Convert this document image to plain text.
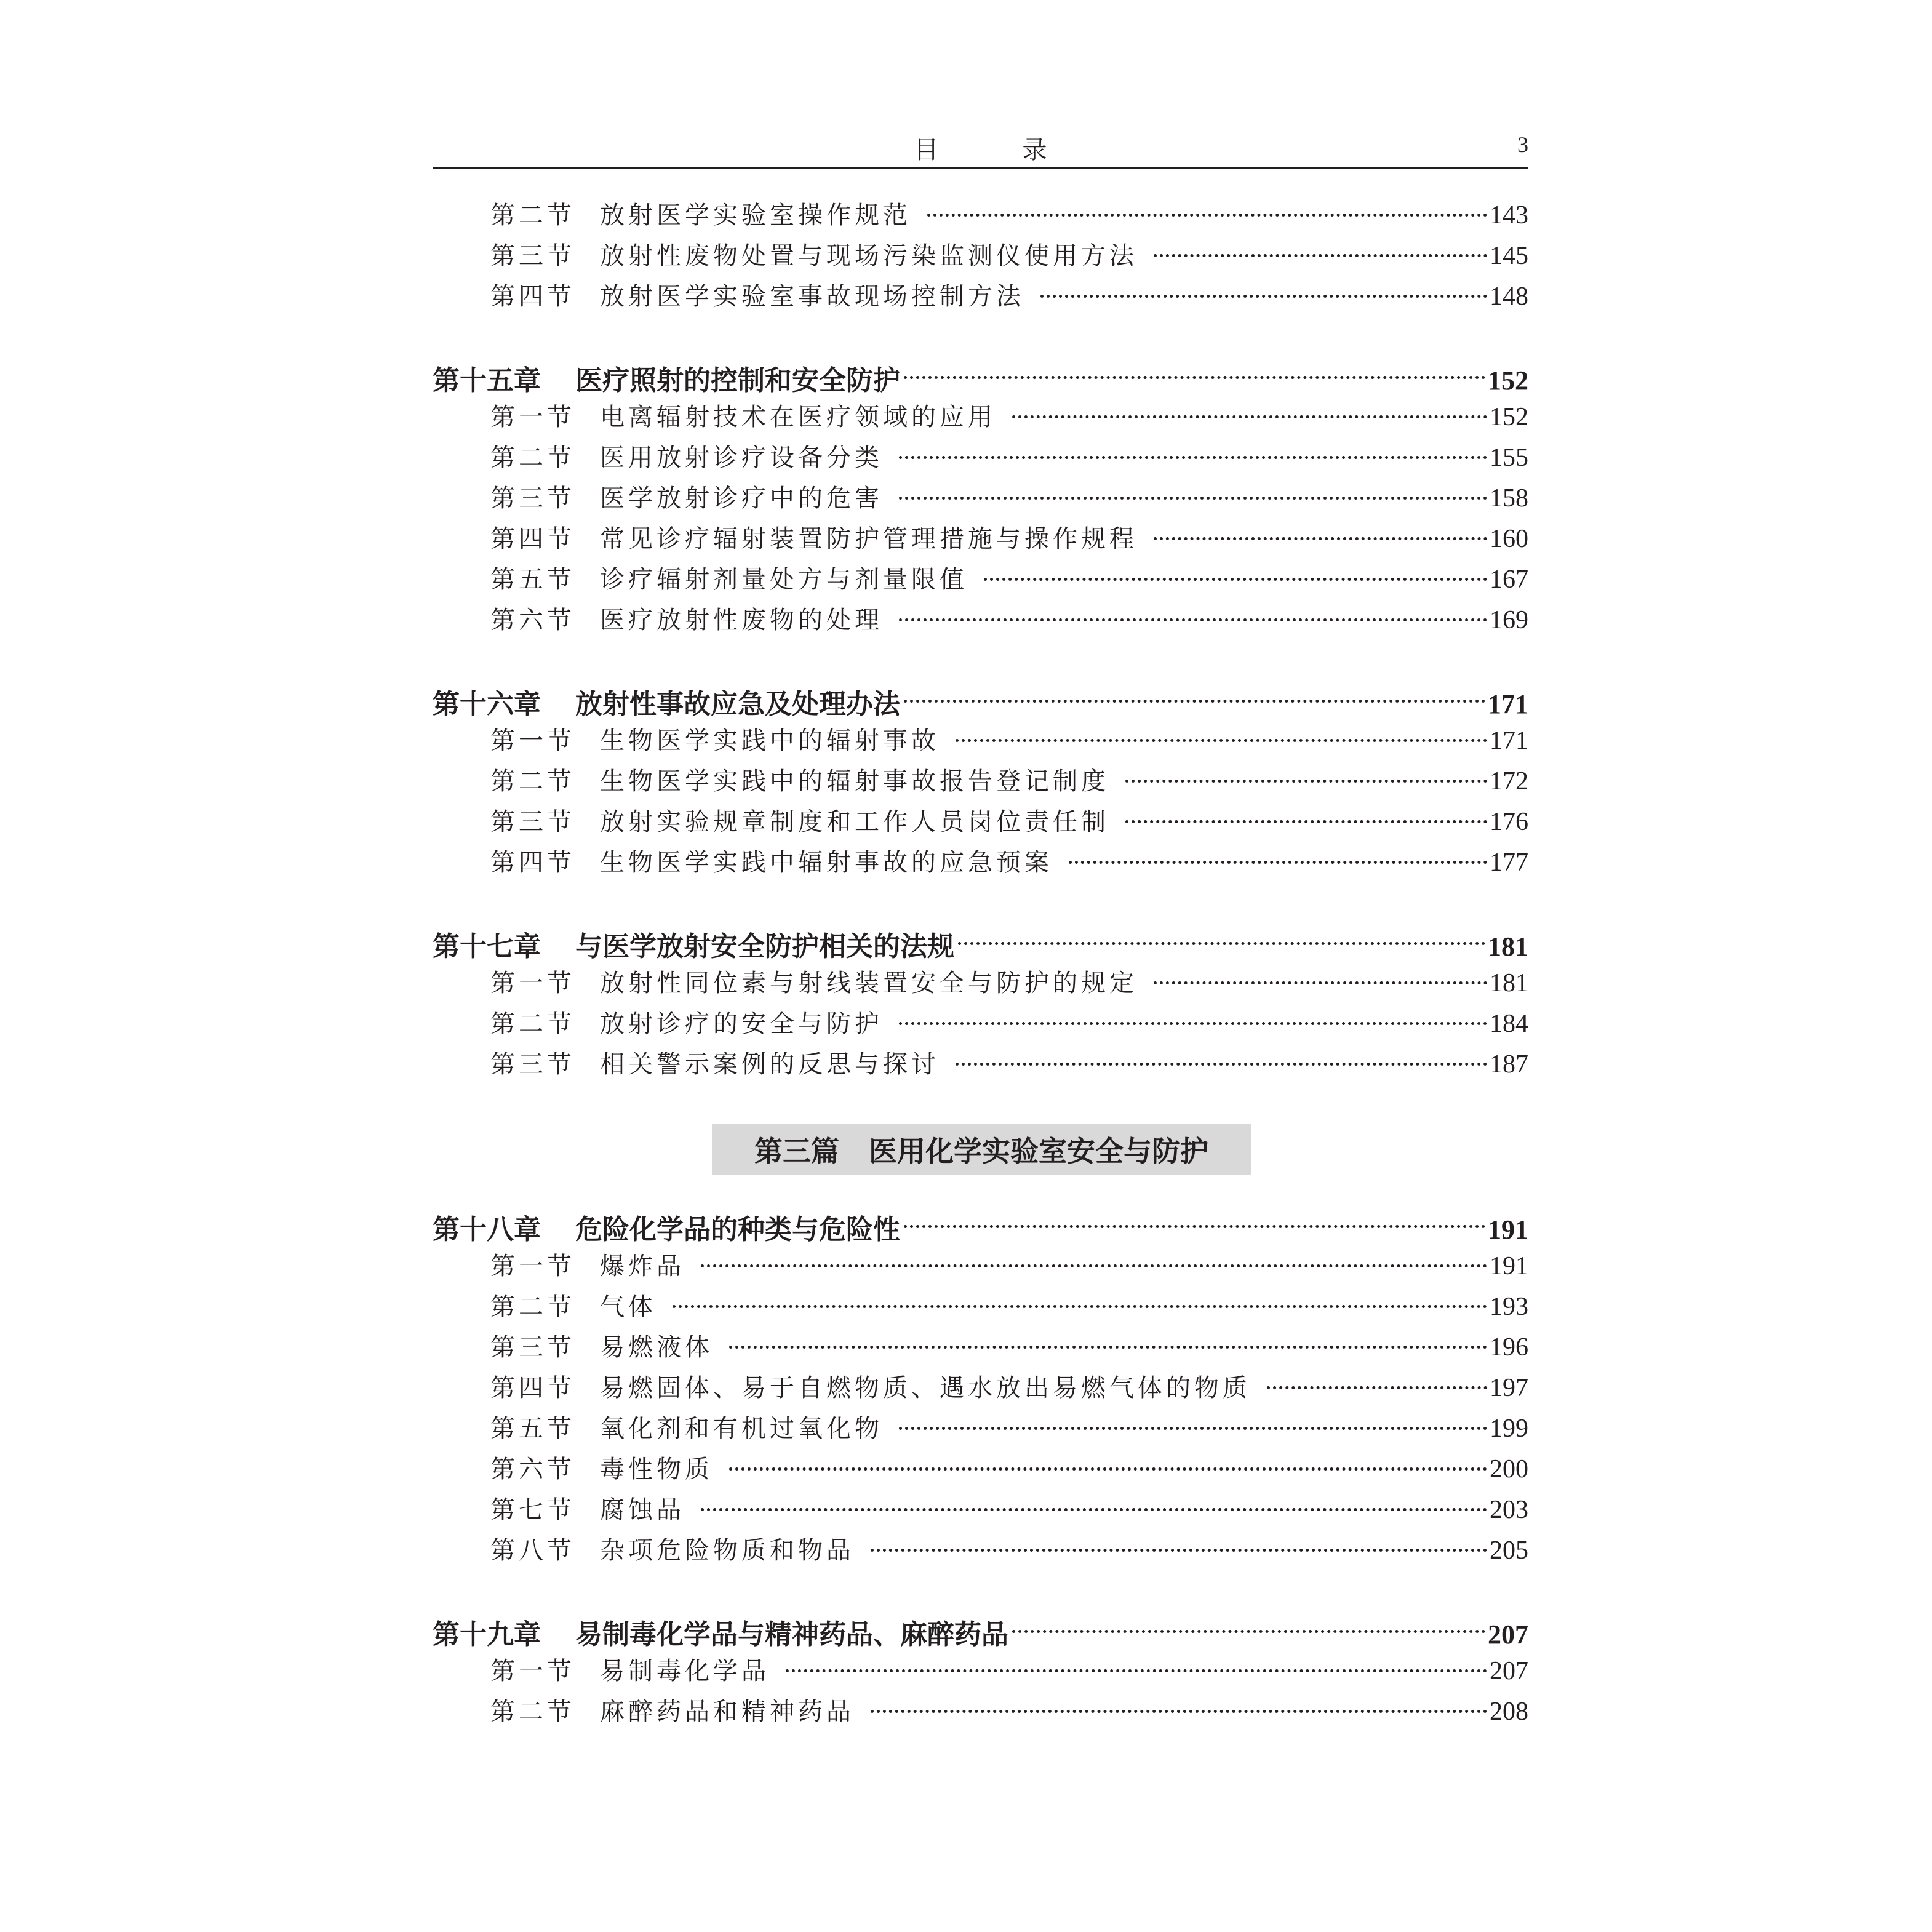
目　录	3
第二节	放射医学实验室操作规范	143
第三节	放射性废物处置与现场污染监测仪使用方法	145
第四节	放射医学实验室事故现场控制方法	148
第十五章	医疗照射的控制和安全防护	152
第一节	电离辐射技术在医疗领域的应用	152
第二节	医用放射诊疗设备分类	155
第三节	医学放射诊疗中的危害	158
第四节	常见诊疗辐射装置防护管理措施与操作规程	160
第五节	诊疗辐射剂量处方与剂量限值	167
第六节	医疗放射性废物的处理	169
第十六章	放射性事故应急及处理办法	171
第一节	生物医学实践中的辐射事故	171
第二节	生物医学实践中的辐射事故报告登记制度	172
第三节	放射实验规章制度和工作人员岗位责任制	176
第四节	生物医学实践中辐射事故的应急预案	177
第十七章	与医学放射安全防护相关的法规	181
第一节	放射性同位素与射线装置安全与防护的规定	181
第二节	放射诊疗的安全与防护	184
第三节	相关警示案例的反思与探讨	187
第三篇 医用化学实验室安全与防护
第十八章	危险化学品的种类与危险性	191
第一节	爆炸品	191
第二节	气体	193
第三节	易燃液体	196
第四节	易燃固体、易于自燃物质、遇水放出易燃气体的物质	197
第五节	氧化剂和有机过氧化物	199
第六节	毒性物质	200
第七节	腐蚀品	203
第八节	杂项危险物质和物品	205
第十九章	易制毒化学品与精神药品、麻醉药品	207
第一节	易制毒化学品	207
第二节	麻醉药品和精神药品	208
